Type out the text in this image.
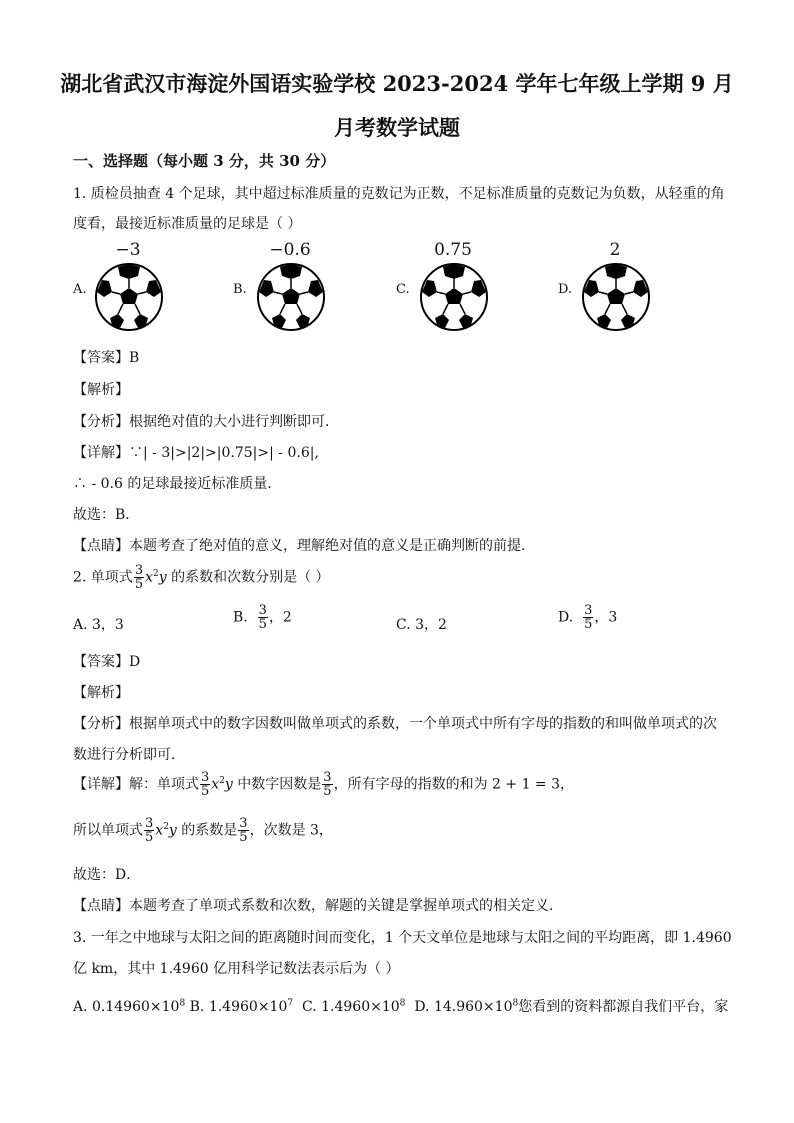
湖北省武汉市海淀外国语实验学校 2023-2024 学年七年级上学期 9 月
月考数学试题
一、选择题（每小题 3 分，共 30 分）
1. 质检员抽查 4 个足球，其中超过标准质量的克数记为正数，不足标准质量的克数记为负数，从轻重的角
度看，最接近标准质量的足球是（ ）
−3	−0.6	0.75	2
A.	B.	C.	D.
【答案】B
【解析】
【分析】根据绝对值的大小进行判断即可．
【详解】∵| - 3|>|2|>|0.75|>| - 0.6|,
∴ - 0.6 的足球最接近标准质量．
故选：B．
【点睛】本题考查了绝对值的意义，理解绝对值的意义是正确判断的前提．
2. 单项式 $\frac{3}{5} x^2y$ 的系数和次数分别是（ ）
A. 3，3	B. $\frac{3}{5}$ ，2	C. 3，2	D. $\frac{3}{5}$ ，3
【答案】D
【解析】
【分析】根据单项式中的数字因数叫做单项式的系数，一个单项式中所有字母的指数的和叫做单项式的次
数进行分析即可．
【详解】解：单项式 $\frac{3}{5} x^2y$ 中数字因数是 $\frac{3}{5}$ ，所有字母的指数的和为 2 + 1 = 3，
所以单项式 $\frac{3}{5} x^2y$ 的系数是 $\frac{3}{5}$ ，次数是 3，
故选：D．
【点睛】本题考查了单项式系数和次数，解题的关键是掌握单项式的相关定义．
3. 一年之中地球与太阳之间的距离随时间而变化，1 个天文单位是地球与太阳之间的平均距离，即 1.4960
亿 km，其中 1.4960 亿用科学记数法表示后为（ ）
A. $0.14960\times 10^8$ B. $1.4960\times 10^7$ C. $1.4960\times 10^8$ D. $14.960\times 10^8$您看到的资料都源自我们平台，家
